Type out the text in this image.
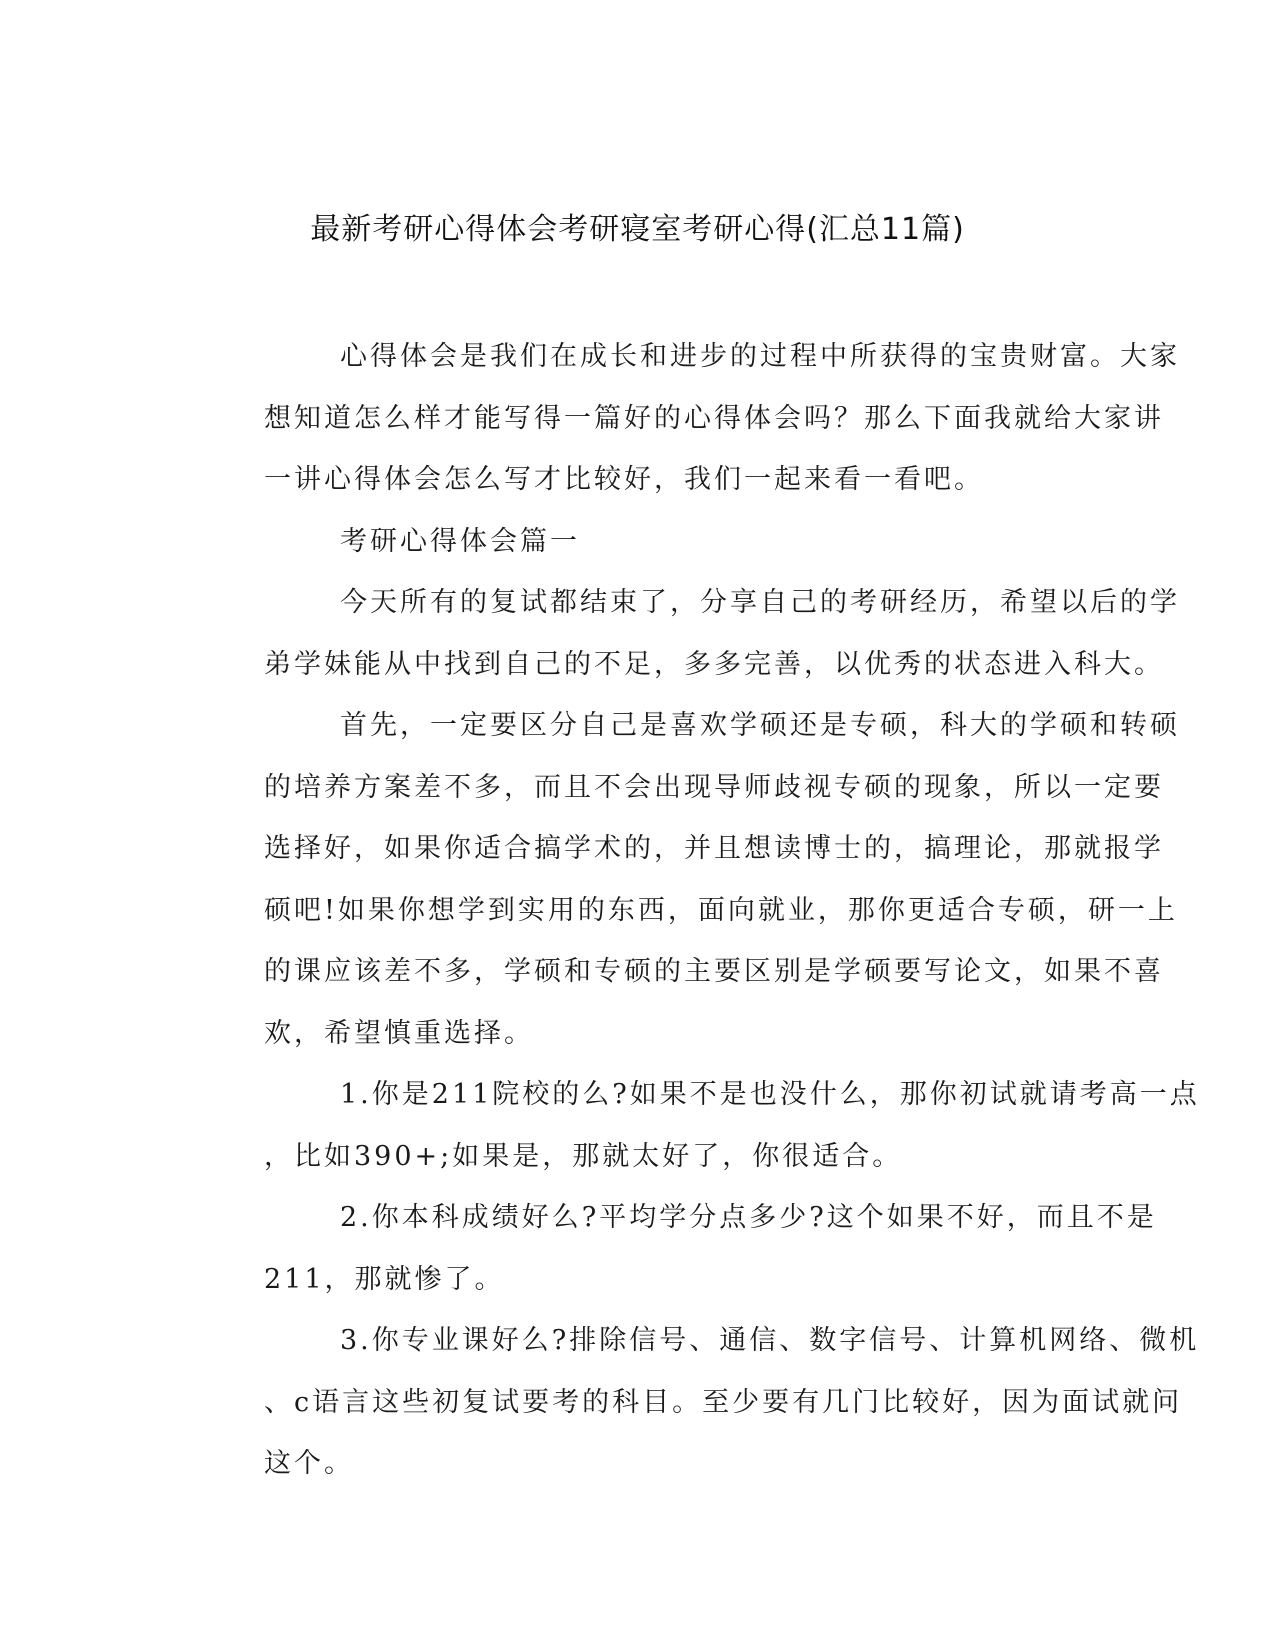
最新考研心得体会考研寝室考研心得(汇总11篇)
心得体会是我们在成长和进步的过程中所获得的宝贵财富。大家
想知道怎么样才能写得一篇好的心得体会吗？那么下面我就给大家讲
一讲心得体会怎么写才比较好，我们一起来看一看吧。
考研心得体会篇一
今天所有的复试都结束了，分享自己的考研经历，希望以后的学
弟学妹能从中找到自己的不足，多多完善，以优秀的状态进入科大。
首先，一定要区分自己是喜欢学硕还是专硕，科大的学硕和转硕
的培养方案差不多，而且不会出现导师歧视专硕的现象，所以一定要
选择好，如果你适合搞学术的，并且想读博士的，搞理论，那就报学
硕吧!如果你想学到实用的东西，面向就业，那你更适合专硕，研一上
的课应该差不多，学硕和专硕的主要区别是学硕要写论文，如果不喜
欢，希望慎重选择。
1.你是211院校的么?如果不是也没什么，那你初试就请考高一点
，比如390+;如果是，那就太好了，你很适合。
2.你本科成绩好么?平均学分点多少?这个如果不好，而且不是
211，那就惨了。
3.你专业课好么?排除信号、通信、数字信号、计算机网络、微机
、c语言这些初复试要考的科目。至少要有几门比较好，因为面试就问
这个。
